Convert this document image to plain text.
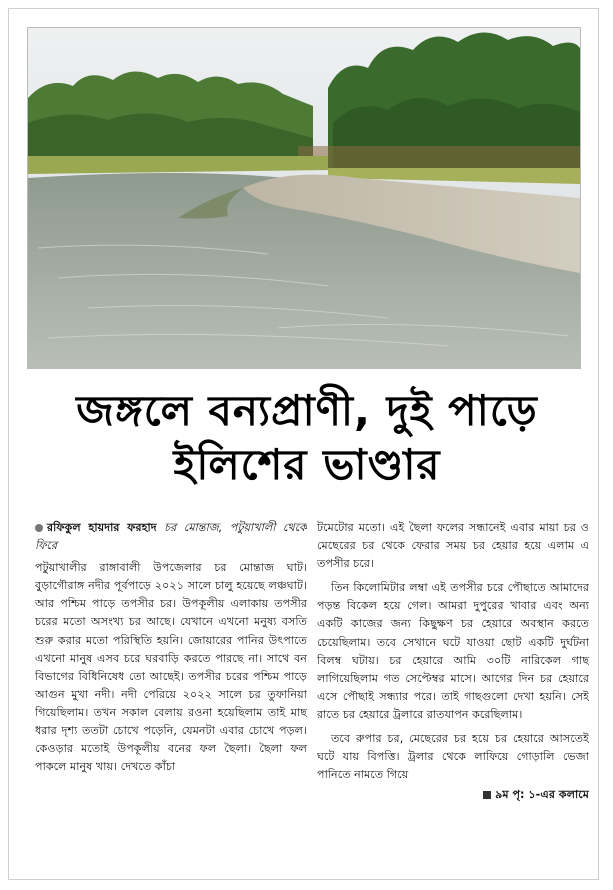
জঙ্গলে বন্যপ্রাণী, দুই পাড়ে
ইলিশের ভাণ্ডার
রফিকুল হায়দার ফরহাদ চর মোন্তাজ, পটুয়াখালী থেকে ফিরে

পটুয়াখালীর রাঙ্গাবালী উপজেলার চর মোন্তাজ ঘাট। বুড়াগৌরাঙ্গ নদীর পূর্বপাড়ে ২০২১ সালে চালু হয়েছে লঞ্চঘাট। আর পশ্চিম পাড়ে তপসীর চর। উপকূলীয় এলাকায় তপসীর চরের মতো অসংখ্য চর আছে। যেখানে এখনো মনুষ্য বসতি শুরু করার মতো পরিস্থিতি হয়নি। জোয়ারের পানির উৎপাতে এখনো মানুষ এসব চরে ঘরবাড়ি করতে পারছে না। সাথে বন বিভাগের বিধিনিষেধ তো আছেই। তপসীর চরের পশ্চিম পাড়ে আগুন মুখা নদী। নদী পেরিয়ে ২০২২ সালে চর তুফানিয়া গিয়েছিলাম। তখন সকাল বেলায় রওনা হয়েছিলাম তাই মাছ ধরার দৃশ্য ততটা চোখে পড়েনি, যেমনটা এবার চোখে পড়ল। কেওড়ার মতোই উপকূলীয় বনের ফল ছৈলা। ছৈলা ফল পাকলে মানুষ খায়। দেখতে কাঁচা

টমেটোর মতো। এই ছৈলা ফলের সন্ধানেই এবার মায়া চর ও মেছেরের চর থেকে ফেরার সময় চর হেয়ার হয়ে এলাম এ তপসীর চরে।

তিন কিলোমিটার লম্বা এই তপসীর চরে পৌছাতে আমাদের পড়ন্ত বিকেল হয়ে গেল। আমরা দুপুরের খাবার এবং অন্য একটি কাজের জন্য কিছুক্ষণ চর হেয়ারে অবস্থান করতে চেয়েছিলাম। তবে সেখানে ঘটে যাওয়া ছোট একটি দুর্ঘটনা বিলম্ব ঘটায়। চর হেয়ারে আমি ৩০টি নারিকেল গাছ লাগিয়েছিলাম গত সেপ্টেম্বর মাসে। আগের দিন চর হেয়ারে এসে পৌছাই সন্ধ্যার পরে। তাই গাছগুলো দেখা হয়নি। সেই রাতে চর হেয়ারে ট্রলারে রাতযাপন করেছিলাম।

তবে রুপার চর, মেছেরের চর হয়ে চর হেয়ারে আসতেই ঘটে যায় বিপত্তি। ট্রলার থেকে লাফিয়ে গোড়ালি ভেজা পানিতে নামতে গিয়ে

৯ম পৃ: ১-এর কলামে
